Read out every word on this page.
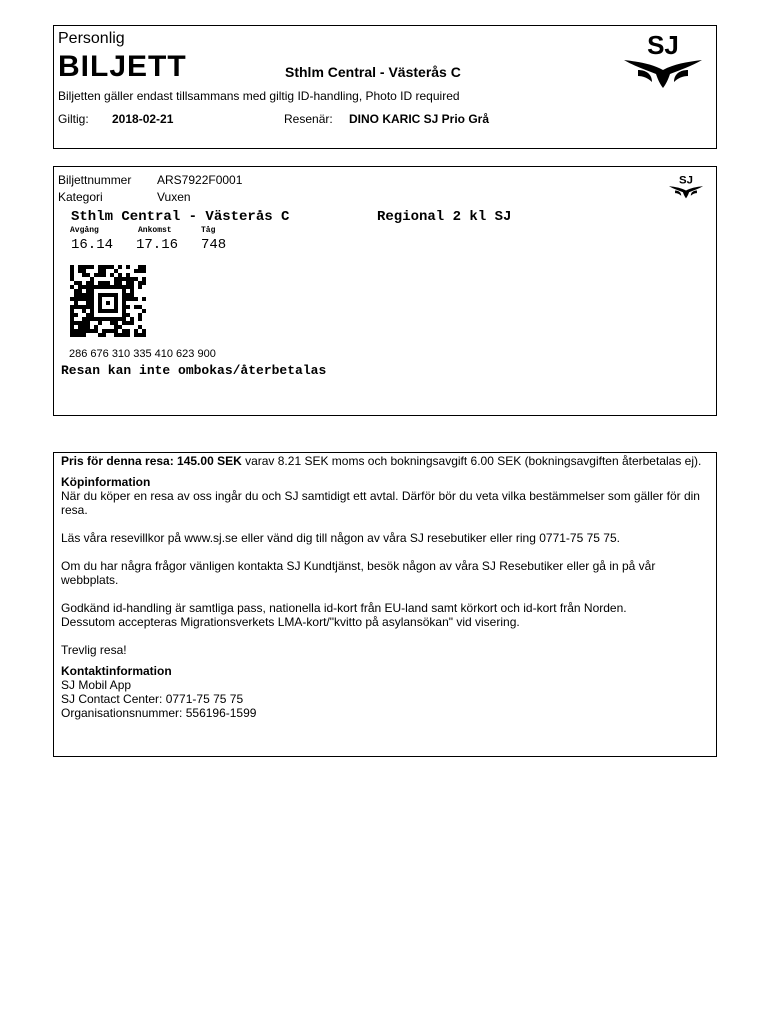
Personlig
BILJETT	Sthlm Central - Västerås C
Biljetten gäller endast tillsammans med giltig ID-handling, Photo ID required
Giltig: 2018-02-21	Resenär: DINO KARIC SJ Prio Grå
SJ
Biljettnummer ARS7922F0001
Kategori	Vuxen
SJ
Sthlm Central - Västerås C	Regional 2 kl SJ
Avgång	Ankomst	Tåg
16.14 17.16 748
286 676 310 335 410 623 900
Resan kan inte ombokas/återbetalas

Pris för denna resa: 145.00 SEK varav 8.21 SEK moms och bokningsavgift 6.00 SEK (bokningsavgiften återbetalas ej).

Köpinformation

När du köper en resa av oss ingår du och SJ samtidigt ett avtal. Därför bör du veta vilka bestämmelser som gäller för din resa.

Läs våra resevillkor på www.sj.se eller vänd dig till någon av våra SJ resebutiker eller ring 0771-75 75 75.

Om du har några frågor vänligen kontakta SJ Kundtjänst, besök någon av våra SJ Resebutiker eller gå in på vår webbplats.

Godkänd id-handling är samtliga pass, nationella id-kort från EU-land samt körkort och id-kort från Norden.

Dessutom accepteras Migrationsverkets LMA-kort/"kvitto på asylansökan" vid visering.

Trevlig resa!

Kontaktinformation

SJ Mobil App

SJ Contact Center: 0771-75 75 75

Organisationsnummer: 556196-1599
